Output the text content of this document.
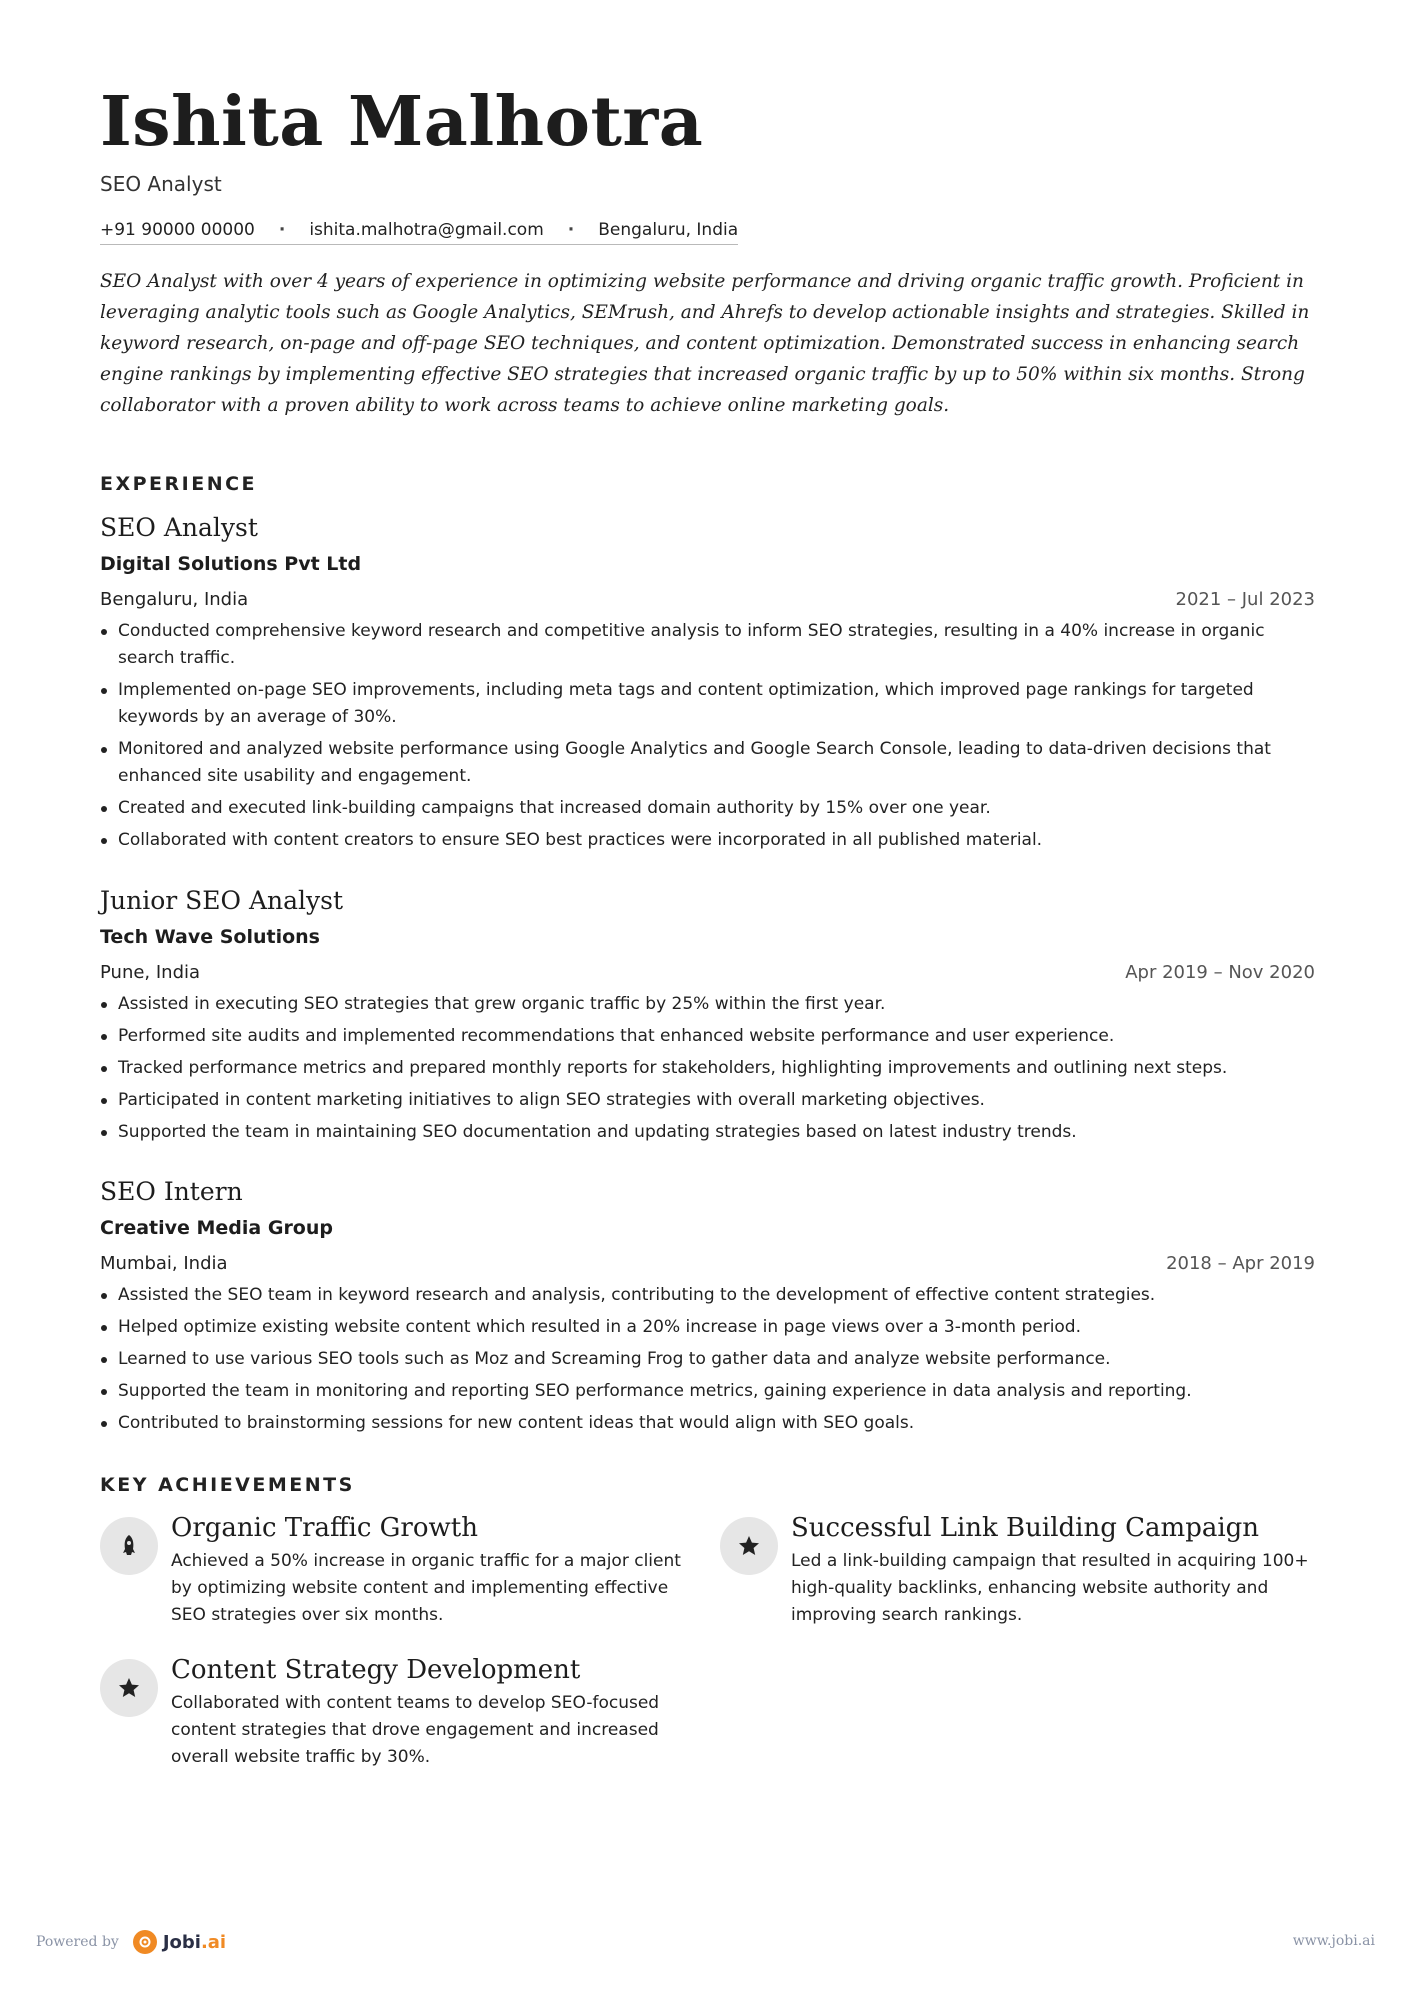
Ishita Malhotra
SEO Analyst
+91 90000 00000 · ishita.malhotra@gmail.com · Bengaluru, India

SEO Analyst with over 4 years of experience in optimizing website performance and driving organic traffic growth. Proficient in leveraging analytic tools such as Google Analytics, SEMrush, and Ahrefs to develop actionable insights and strategies. Skilled in keyword research, on-page and off-page SEO techniques, and content optimization. Demonstrated success in enhancing search engine rankings by implementing effective SEO strategies that increased organic traffic by up to 50% within six months. Strong collaborator with a proven ability to work across teams to achieve online marketing goals.

EXPERIENCE
SEO Analyst
Digital Solutions Pvt Ltd
Bengaluru, India	2021 – Jul 2023
Conducted comprehensive keyword research and competitive analysis to inform SEO strategies, resulting in a 40% increase in organic search traffic.
Implemented on-page SEO improvements, including meta tags and content optimization, which improved page rankings for targeted keywords by an average of 30%.
Monitored and analyzed website performance using Google Analytics and Google Search Console, leading to data-driven decisions that enhanced site usability and engagement.
Created and executed link-building campaigns that increased domain authority by 15% over one year.
Collaborated with content creators to ensure SEO best practices were incorporated in all published material.
Junior SEO Analyst
Tech Wave Solutions
Pune, India	Apr 2019 – Nov 2020
Assisted in executing SEO strategies that grew organic traffic by 25% within the first year.
Performed site audits and implemented recommendations that enhanced website performance and user experience.
Tracked performance metrics and prepared monthly reports for stakeholders, highlighting improvements and outlining next steps.
Participated in content marketing initiatives to align SEO strategies with overall marketing objectives.
Supported the team in maintaining SEO documentation and updating strategies based on latest industry trends.
SEO Intern
Creative Media Group
Mumbai, India	2018 – Apr 2019
Assisted the SEO team in keyword research and analysis, contributing to the development of effective content strategies.
Helped optimize existing website content which resulted in a 20% increase in page views over a 3-month period.
Learned to use various SEO tools such as Moz and Screaming Frog to gather data and analyze website performance.
Supported the team in monitoring and reporting SEO performance metrics, gaining experience in data analysis and reporting.
Contributed to brainstorming sessions for new content ideas that would align with SEO goals.
KEY ACHIEVEMENTS
Organic Traffic Growth
Achieved a 50% increase in organic traffic for a major client by optimizing website content and implementing effective SEO strategies over six months.
Successful Link Building Campaign
Led a link-building campaign that resulted in acquiring 100+ high-quality backlinks, enhancing website authority and improving search rankings.
Content Strategy Development
Collaborated with content teams to develop SEO-focused content strategies that drove engagement and increased overall website traffic by 30%.
Powered by Jobi.ai	www.jobi.ai
